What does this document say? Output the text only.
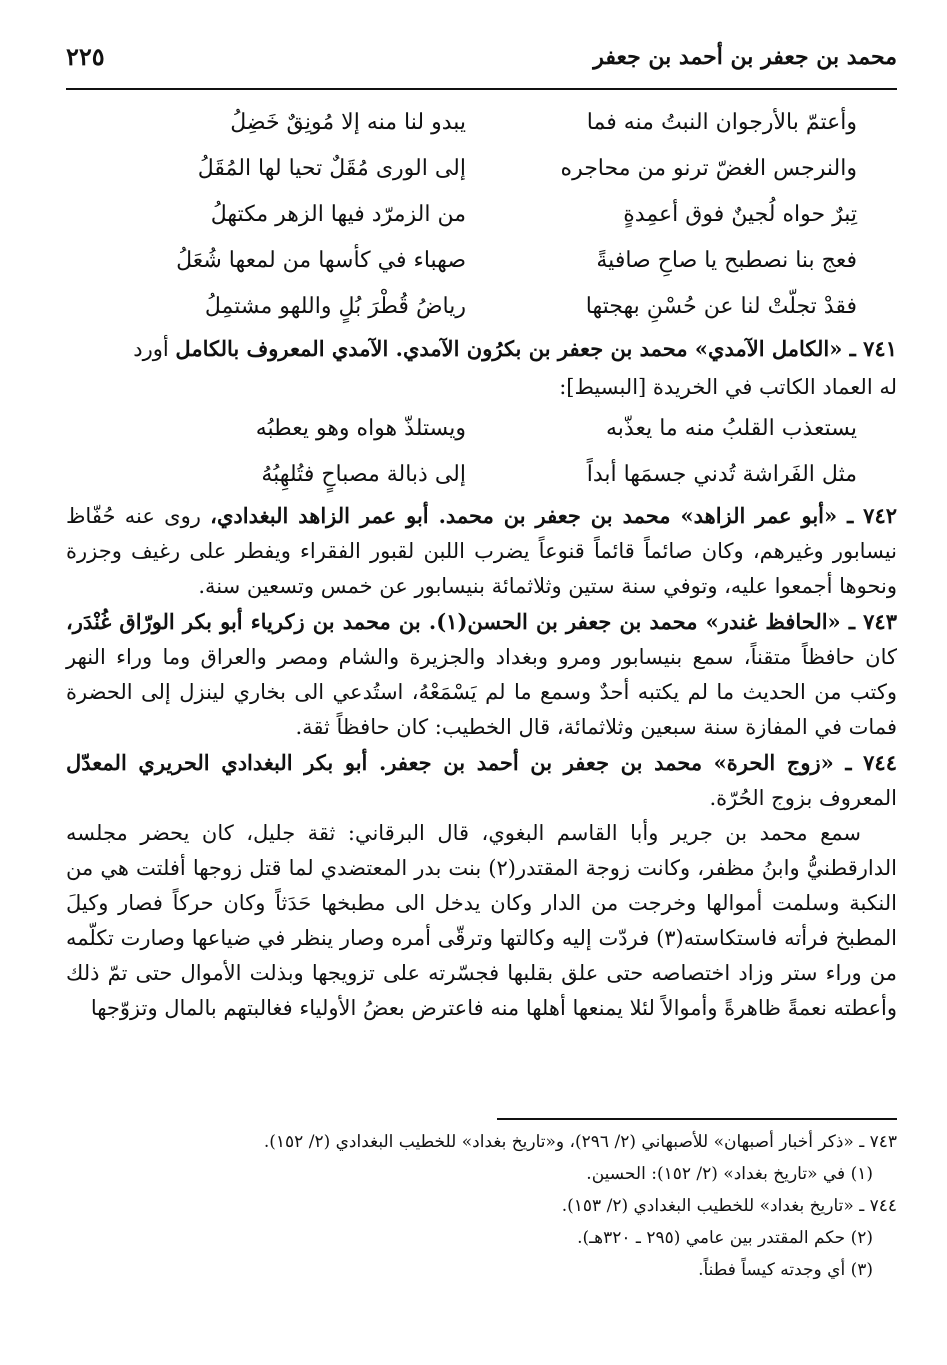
محمد بن جعفر بن أحمد بن جعفر
٢٢٥
وأعتمّ بالأرجوان النبتُ منه فما
يبدو لنا منه إلا مُونِقٌ خَضِلُ
والنرجس الغضّ ترنو من محاجره
إلى الورى مُقَلٌ تحيا لها المُقَلُ
تِبرٌ حواه لُجينٌ فوق أعمِدةٍ
من الزمرّد فيها الزهر مكتهلُ
فعج بنا نصطبح يا صاحِ صافيةً
صهباء في كأسها من لمعها شُعَلُ
فقدْ تجلّتْ لنا عن حُسْنِ بهجتها
رياضُ قُطْرَ بُلٍ واللهو مشتمِلُ
٧٤١ ـ «الكامل الآمدي» محمد بن جعفر بن بكرُون الآمدي. الآمدي المعروف بالكامل أورد
له العماد الكاتب في الخريدة [البسيط]:
يستعذب القلبُ منه ما يعذّبه
ويستلذّ هواه وهو يعطبُه
مثل الفَراشة تُدني جسمَها أبداً
إلى ذبالة مصباحٍ فتُلهِبُهُ

٧٤٢ ـ «أبو عمر الزاهد» محمد بن جعفر بن محمد. أبو عمر الزاهد البغدادي، روى عنه حُفّاظ نيسابور وغيرهم، وكان صائماً قائماً قنوعاً يضرب اللبن لقبور الفقراء ويفطر على رغيف وجزرة ونحوها أجمعوا عليه، وتوفي سنة ستين وثلاثمائة بنيسابور عن خمس وتسعين سنة.

٧٤٣ ـ «الحافظ غندر» محمد بن جعفر بن الحسن(١). بن محمد بن زكرياء أبو بكر الورّاق غُنْدَر، كان حافظاً متقناً، سمع بنيسابور ومرو وبغداد والجزيرة والشام ومصر والعراق وما وراء النهر وكتب من الحديث ما لم يكتبه أحدٌ وسمع ما لم يَسْمَعْهُ، استُدعي الى بخاري لينزل إلى الحضرة فمات في المفازة سنة سبعين وثلاثمائة، قال الخطيب: كان حافظاً ثقة.

٧٤٤ ـ «زوج الحرة» محمد بن جعفر بن أحمد بن جعفر. أبو بكر البغدادي الحريري المعدّل المعروف بزوج الحُرّة.

سمع محمد بن جرير وأبا القاسم البغوي، قال البرقاني: ثقة جليل، كان يحضر مجلسه الدارقطنيُّ وابنُ مظفر، وكانت زوجة المقتدر(٢) بنت بدر المعتضدي لما قتل زوجها أفلتت هي من النكبة وسلمت أموالها وخرجت من الدار وكان يدخل الى مطبخها حَدَثاً وكان حركاً فصار وكيلَ المطبخ فرأته فاستكاسته(٣) فردّت إليه وكالتها وترقّى أمره وصار ينظر في ضياعها وصارت تكلّمه من وراء ستر وزاد اختصاصه حتى علق بقلبها فجسّرته على تزويجها وبذلت الأموال حتى تمّ ذلك وأعطته نعمةً ظاهرةً وأموالاً لئلا يمنعها أهلها منه فاعترض بعضُ الأولياء فغالبتهم بالمال وتزوّجها

٧٤٣ ـ «ذكر أخبار أصبهان» للأصبهاني (٢/ ٢٩٦)، و«تاريخ بغداد» للخطيب البغدادي (٢/ ١٥٢).
(١) في «تاريخ بغداد» (٢/ ١٥٢): الحسين.
٧٤٤ ـ «تاريخ بغداد» للخطيب البغدادي (٢/ ١٥٣).
(٢) حكم المقتدر بين عامي (٢٩٥ ـ ٣٢٠هـ).
(٣) أي وجدته كيساً فطناً.
